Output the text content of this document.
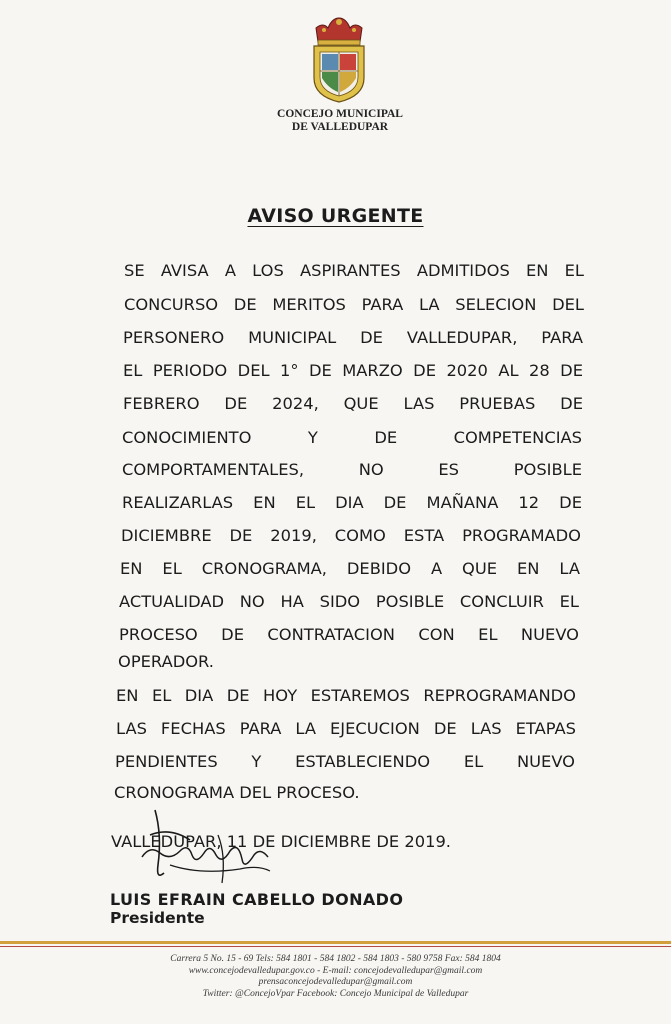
CONCEJO MUNICIPAL
DE VALLEDUPAR
AVISO URGENTE
SE AVISA A LOS ASPIRANTES ADMITIDOS EN EL
CONCURSO DE MERITOS PARA LA SELECION DEL
PERSONERO MUNICIPAL DE VALLEDUPAR, PARA
EL PERIODO DEL 1° DE MARZO DE 2020 AL 28 DE
FEBRERO DE 2024, QUE LAS PRUEBAS DE
CONOCIMIENTO Y DE COMPETENCIAS
COMPORTAMENTALES, NO ES POSIBLE
REALIZARLAS EN EL DIA DE MAÑANA 12 DE
DICIEMBRE DE 2019, COMO ESTA PROGRAMADO
EN EL CRONOGRAMA, DEBIDO A QUE EN LA
ACTUALIDAD NO HA SIDO POSIBLE CONCLUIR EL
PROCESO DE CONTRATACION CON EL NUEVO
OPERADOR.
EN EL DIA DE HOY ESTAREMOS REPROGRAMANDO
LAS FECHAS PARA LA EJECUCION DE LAS ETAPAS
PENDIENTES Y ESTABLECIENDO EL NUEVO
CRONOGRAMA DEL PROCESO.
VALLEDUPAR, 11 DE DICIEMBRE DE 2019.
LUIS EFRAIN CABELLO DONADO
Presidente
Carrera 5 No. 15 - 69 Tels: 584 1801 - 584 1802 - 584 1803 - 580 9758 Fax: 584 1804
www.concejodevalledupar.gov.co - E-mail: concejodevalledupar@gmail.com
prensaconcejodevalledupar@gmail.com
Twitter: @ConcejoVpar Facebook: Concejo Municipal de Valledupar
